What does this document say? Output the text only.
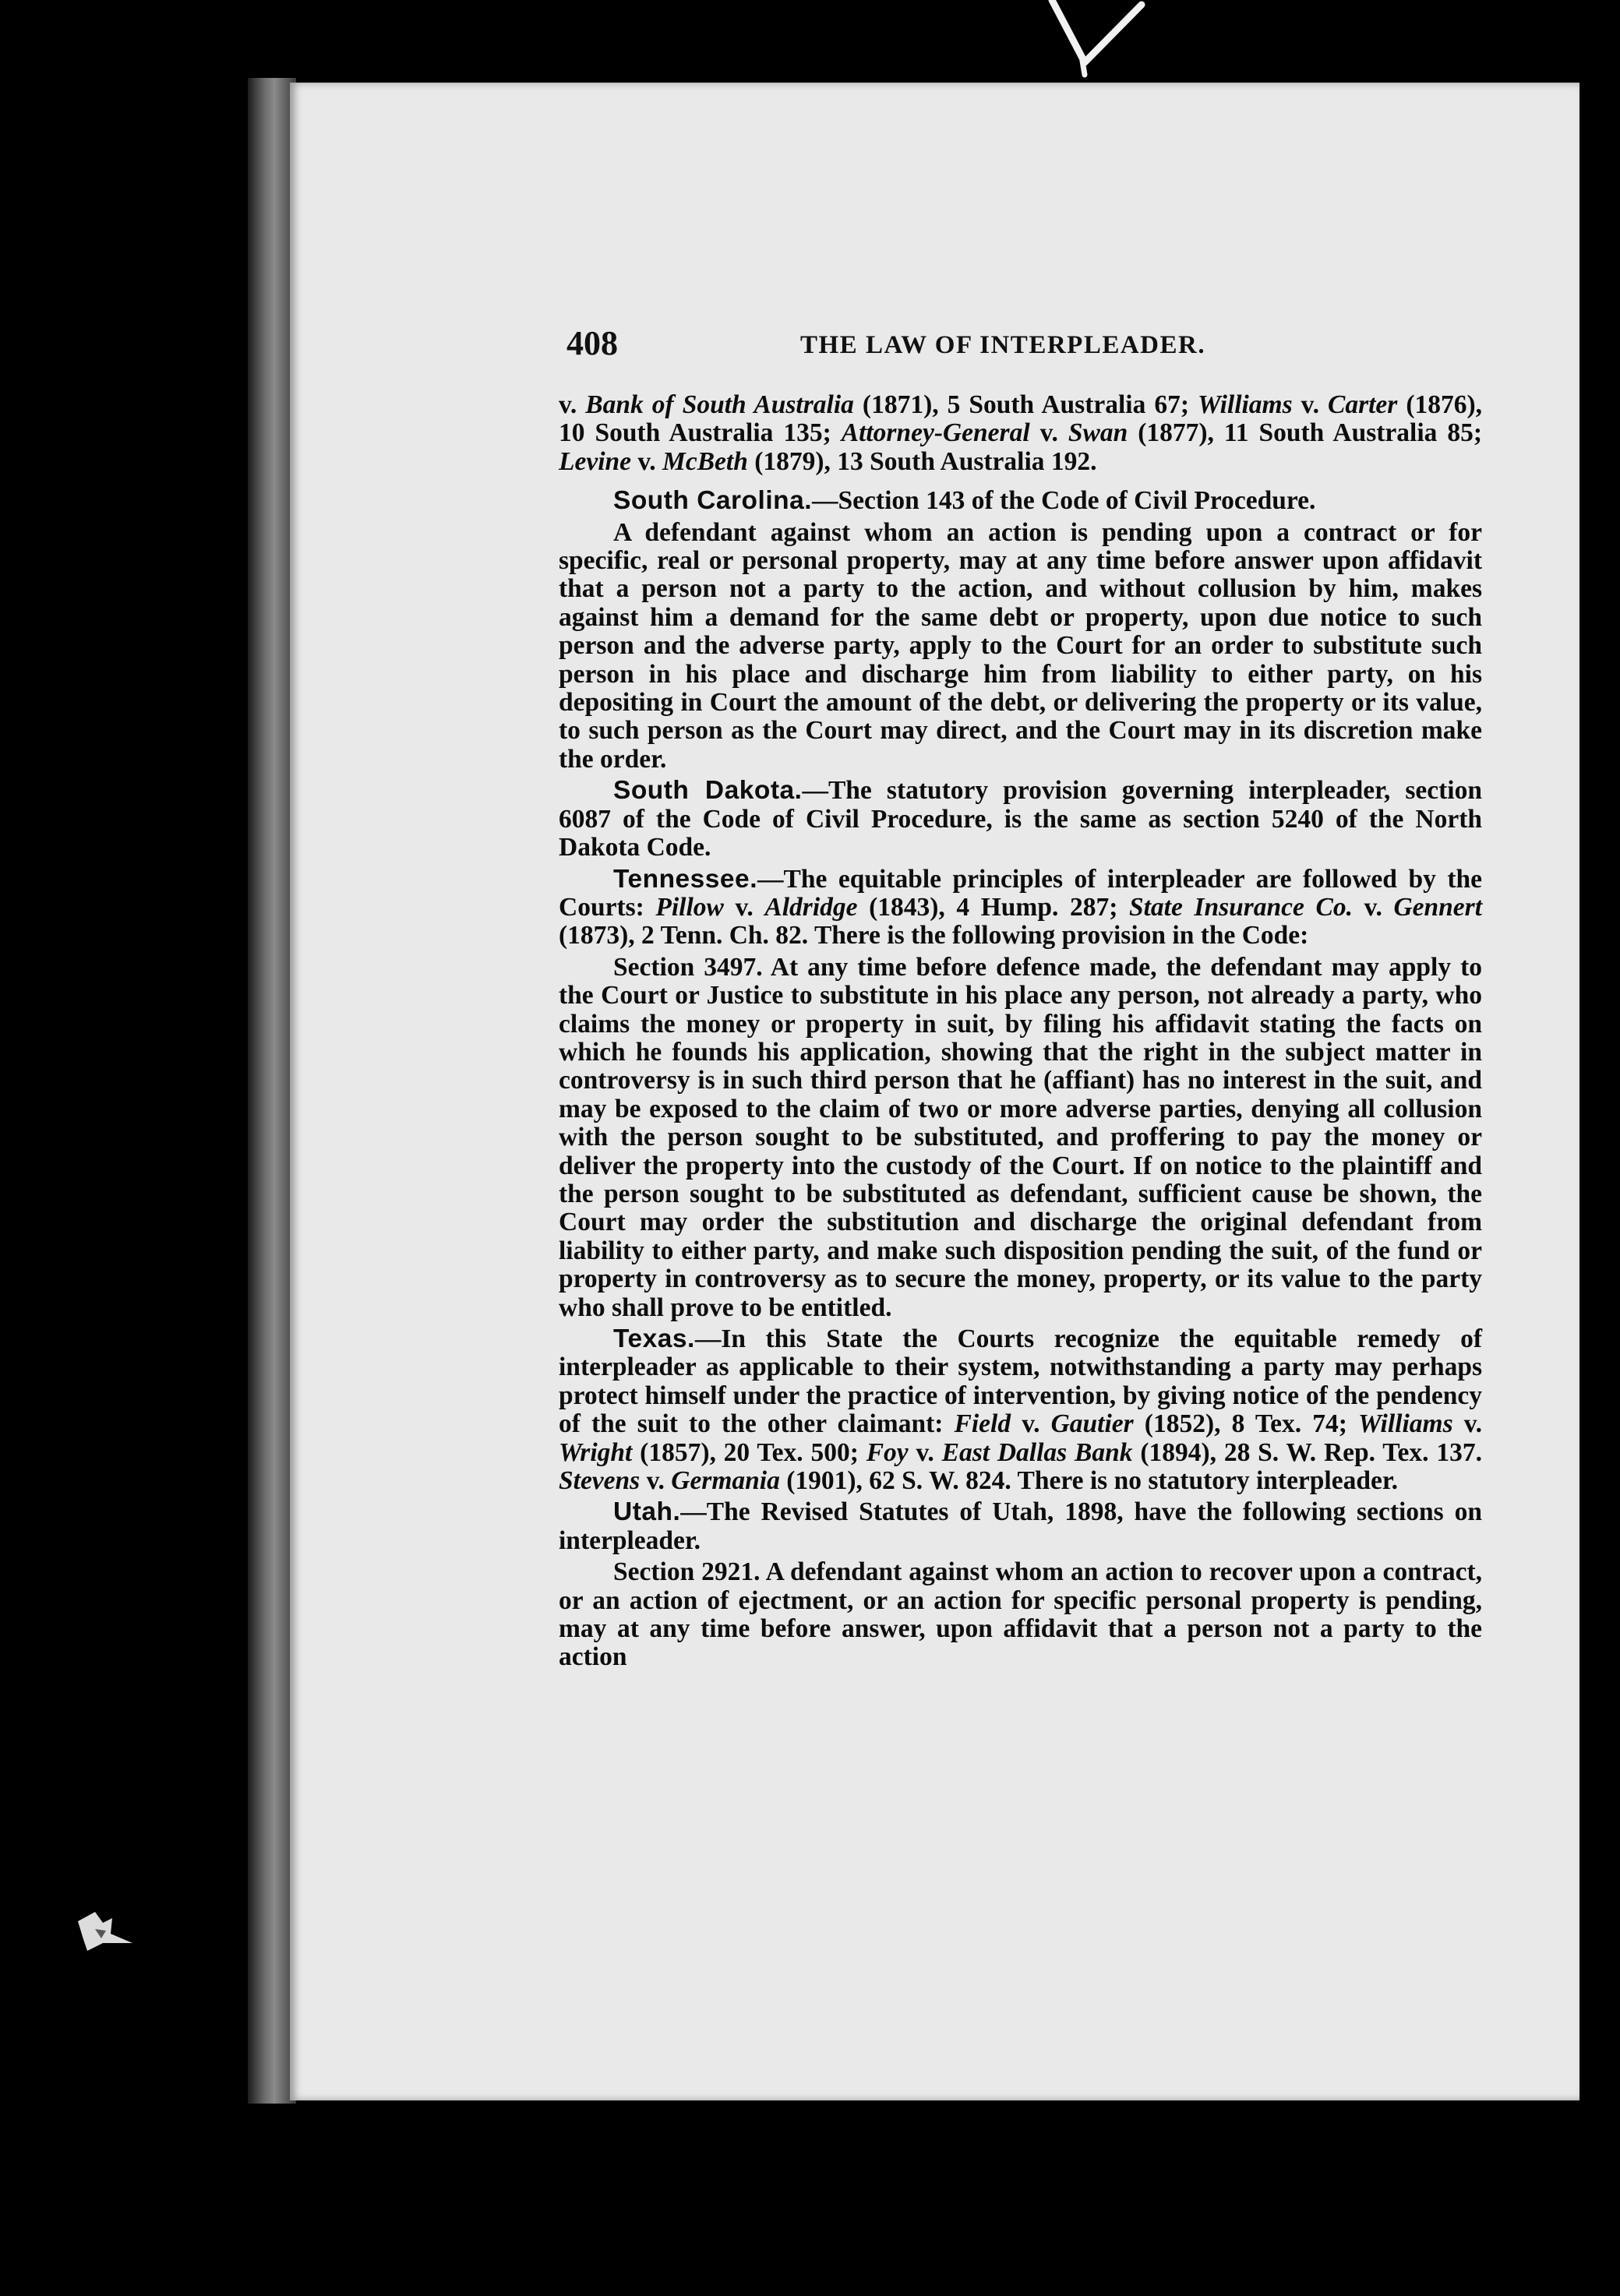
408	THE LAW OF INTERPLEADER.

v. Bank of South Australia (1871), 5 South Australia 67; Williams v. Carter (1876), 10 South Australia 135; Attorney-General v. Swan (1877), 11 South Australia 85; Levine v. McBeth (1879), 13 South Australia 192.

South Carolina.—Section 143 of the Code of Civil Procedure.

A defendant against whom an action is pending upon a contract or for specific, real or personal property, may at any time before answer upon affidavit that a person not a party to the action, and without collusion by him, makes against him a demand for the same debt or property, upon due notice to such person and the adverse party, apply to the Court for an order to substitute such person in his place and discharge him from liability to either party, on his depositing in Court the amount of the debt, or delivering the property or its value, to such person as the Court may direct, and the Court may in its discretion make the order.

South Dakota.—The statutory provision governing interpleader, section 6087 of the Code of Civil Procedure, is the same as section 5240 of the North Dakota Code.

Tennessee.—The equitable principles of interpleader are followed by the Courts: Pillow v. Aldridge (1843), 4 Hump. 287; State Insurance Co. v. Gennert (1873), 2 Tenn. Ch. 82. There is the following provision in the Code:

Section 3497. At any time before defence made, the defendant may apply to the Court or Justice to substitute in his place any person, not already a party, who claims the money or property in suit, by filing his affidavit stating the facts on which he founds his application, showing that the right in the subject matter in controversy is in such third person that he (affiant) has no interest in the suit, and may be exposed to the claim of two or more adverse parties, denying all collusion with the person sought to be substituted, and proffering to pay the money or deliver the property into the custody of the Court. If on notice to the plaintiff and the person sought to be substituted as defendant, sufficient cause be shown, the Court may order the substitution and discharge the original defendant from liability to either party, and make such disposition pending the suit, of the fund or property in controversy as to secure the money, property, or its value to the party who shall prove to be entitled.

Texas.—In this State the Courts recognize the equitable remedy of interpleader as applicable to their system, notwithstanding a party may perhaps protect himself under the practice of intervention, by giving notice of the pendency of the suit to the other claimant: Field v. Gautier (1852), 8 Tex. 74; Williams v. Wright (1857), 20 Tex. 500; Foy v. East Dallas Bank (1894), 28 S. W. Rep. Tex. 137. Stevens v. Germania (1901), 62 S. W. 824. There is no statutory interpleader.

Utah.—The Revised Statutes of Utah, 1898, have the following sections on interpleader.

Section 2921. A defendant against whom an action to recover upon a contract, or an action of ejectment, or an action for specific personal property is pending, may at any time before answer, upon affidavit that a person not a party to the action
